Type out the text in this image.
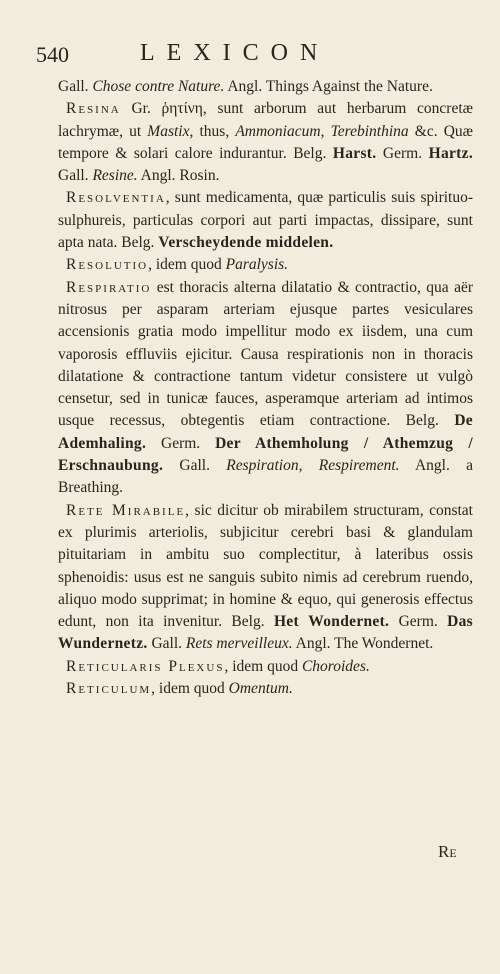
540	LEXICON

Gall. Chose contre Nature. Angl. Things Against the Nature.

Resina Gr. ῥητίνη, sunt arborum aut herbarum concretæ lachrymæ, ut Mastix, thus, Ammoniacum, Terebinthina &c. Quæ tempore & solari calore indurantur. Belg. Harst. Germ. Hartz. Gall. Resine. Angl. Rosin.

Resolventia, sunt medicamenta, quæ particulis suis spirituo-sulphureis, particulas corpori aut parti impactas, dissipare, sunt apta nata. Belg. Verscheydende middelen.

Resolutio, idem quod Paralysis.

Respiratio est thoracis alterna dilatatio & contractio, qua aër nitrosus per asparam arteriam ejusque partes vesiculares accensionis gratia modo impellitur modo ex iisdem, una cum vaporosis effluviis ejicitur. Causa respirationis non in thoracis dilatatione & contractione tantum videtur consistere ut vulgò censetur, sed in tunicæ fauces, asperamque arteriam ad intimos usque recessus, obtegentis etiam contractione. Belg. De Ademhaling. Germ. Der Athemholung / Athemzug / Erschnaubung. Gall. Respiration, Respirement. Angl. a Breathing.

Rete Mirabile, sic dicitur ob mirabilem structuram, constat ex plurimis arteriolis, subjicitur cerebri basi & glandulam pituitariam in ambitu suo complectitur, à lateribus ossis sphenoidis: usus est ne sanguis subito nimis ad cerebrum ruendo, aliquo modo supprimat; in homine & equo, qui generosis effectus edunt, non ita invenitur. Belg. Het Wondernet. Germ. Das Wundernetz. Gall. Rets merveilleux. Angl. The Wondernet.

Reticularis Plexus, idem quod Choroides.

Reticulum, idem quod Omentum.

Re
